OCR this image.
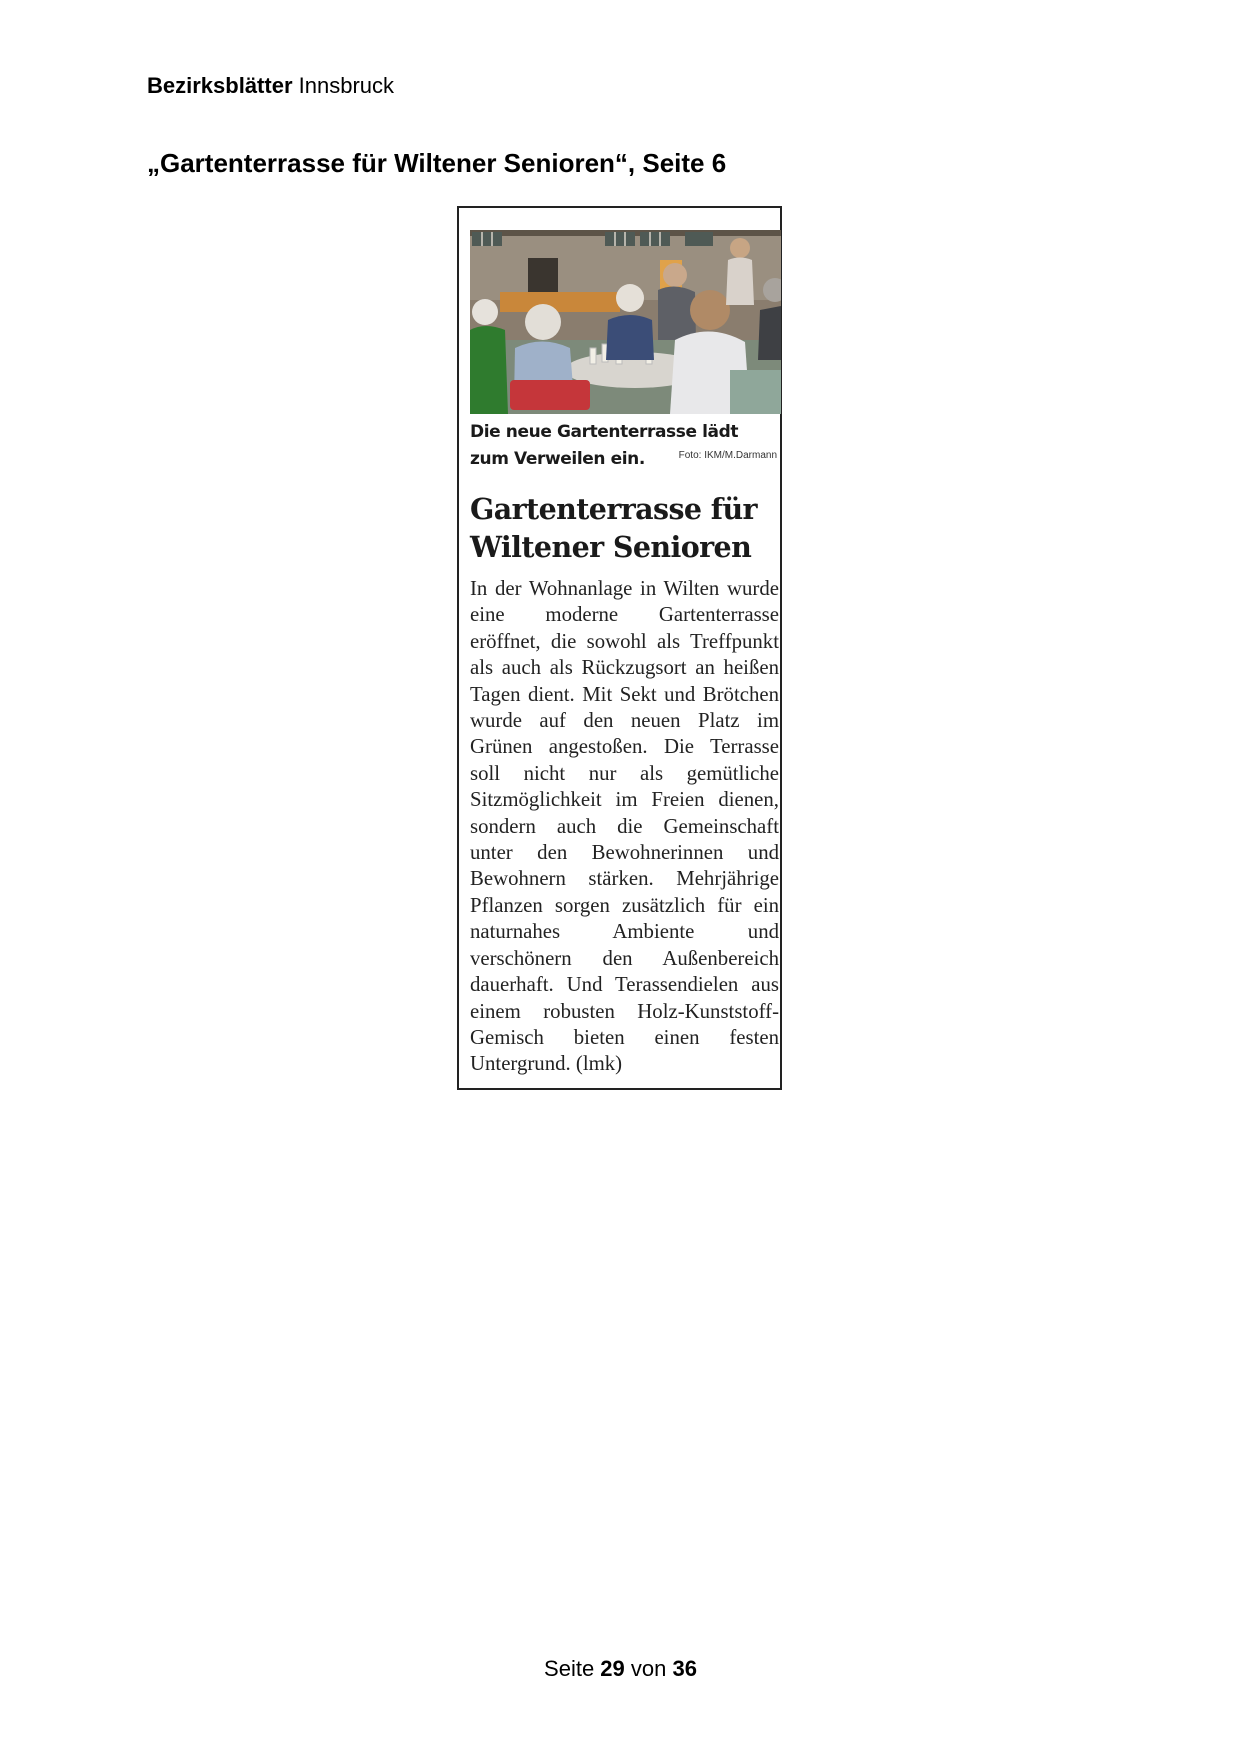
Bezirksblätter Innsbruck
„Gartenterrasse für Wiltener Senioren“, Seite 6
Die neue Gartenterrasse lädt zum Verweilen ein.	Foto: IKM/M.Darmann
Gartenterrasse für Wiltener Senioren
In der Wohnanlage in Wilten wurde eine moderne Gartenterrasse eröffnet, die sowohl als Treffpunkt als auch als Rückzugsort an heißen Tagen dient. Mit Sekt und Brötchen wurde auf den neuen Platz im Grünen angestoßen. Die Terrasse soll nicht nur als gemütliche Sitzmöglichkeit im Freien dienen, sondern auch die Gemeinschaft unter den Bewohnerinnen und Bewohnern stärken. Mehrjährige Pflanzen sorgen zusätzlich für ein naturnahes Ambiente und verschönern den Außenbereich dauerhaft. Und Terassendielen aus einem robusten Holz-Kunststoff-Gemisch bieten einen festen Untergrund. (lmk)
Seite 29 von 36
